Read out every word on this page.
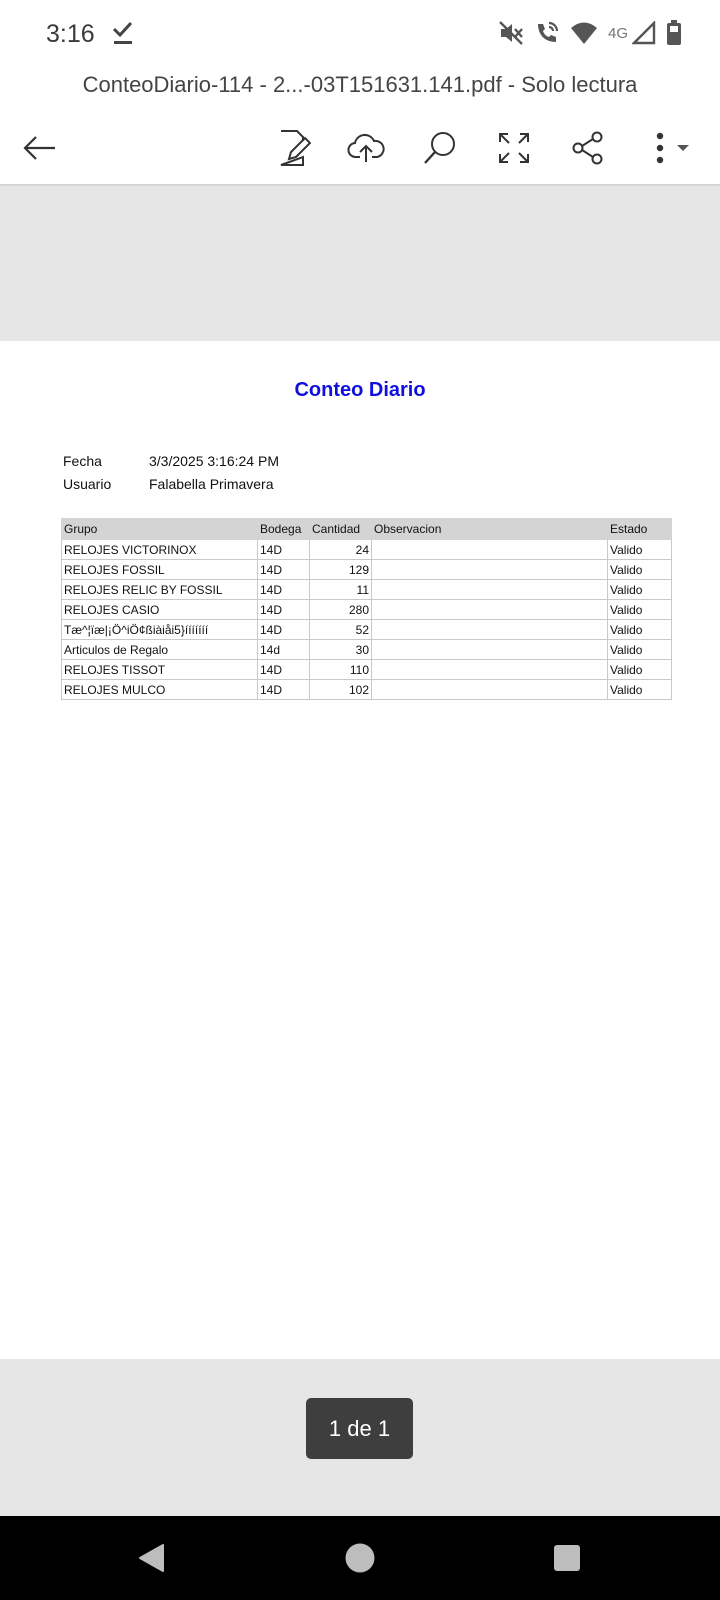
3:16	4G
ConteoDiario-114 - 2...-03T151631.141.pdf - Solo lectura
Conteo Diario
Fecha	3/3/2025 3:16:24 PM
Usuario	Falabella Primavera
Grupo	Bodega	Cantidad	Observacion	Estado
RELOJES VICTORINOX	14D	24		Valido
RELOJES FOSSIL	14D	129		Valido
RELOJES RELIC BY FOSSIL	14D	11		Valido
RELOJES CASIO	14D	280		Valido
Tæ^¦ïæ|¡Ö^iÖ¢ßiàiåi5}ííííííí	14D	52		Valido
Articulos de Regalo	14d	30		Valido
RELOJES TISSOT	14D	110		Valido
RELOJES MULCO	14D	102		Valido
1 de 1
